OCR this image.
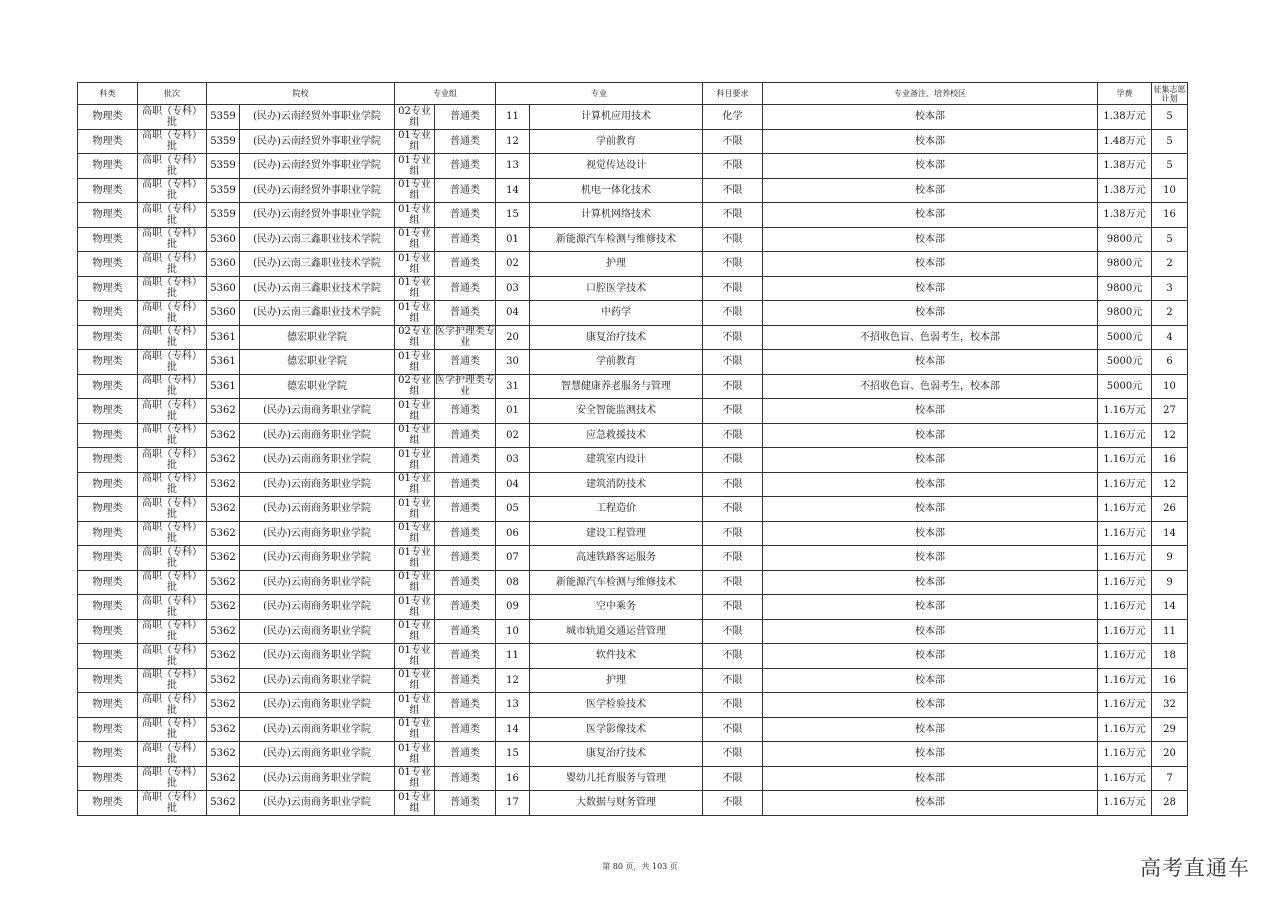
科类	批次	院校		专业组		专业		科目要求	专业备注、培养校区	学费	征集志愿计划
物理类	高职（专科）批	5359	(民办)云南经贸外事职业学院	02专业组	普通类	11	计算机应用技术	化学	校本部	1.38万元	5
物理类	高职（专科）批	5359	(民办)云南经贸外事职业学院	01专业组	普通类	12	学前教育	不限	校本部	1.48万元	5
物理类	高职（专科）批	5359	(民办)云南经贸外事职业学院	01专业组	普通类	13	视觉传达设计	不限	校本部	1.38万元	5
物理类	高职（专科）批	5359	(民办)云南经贸外事职业学院	01专业组	普通类	14	机电一体化技术	不限	校本部	1.38万元	10
物理类	高职（专科）批	5359	(民办)云南经贸外事职业学院	01专业组	普通类	15	计算机网络技术	不限	校本部	1.38万元	16
物理类	高职（专科）批	5360	(民办)云南三鑫职业技术学院	01专业组	普通类	01	新能源汽车检测与维修技术	不限	校本部	9800元	5
物理类	高职（专科）批	5360	(民办)云南三鑫职业技术学院	01专业组	普通类	02	护理	不限	校本部	9800元	2
物理类	高职（专科）批	5360	(民办)云南三鑫职业技术学院	01专业组	普通类	03	口腔医学技术	不限	校本部	9800元	3
物理类	高职（专科）批	5360	(民办)云南三鑫职业技术学院	01专业组	普通类	04	中药学	不限	校本部	9800元	2
物理类	高职（专科）批	5361	德宏职业学院	02专业组	医学护理类专业	20	康复治疗技术	不限	不招收色盲、色弱考生，校本部	5000元	4
物理类	高职（专科）批	5361	德宏职业学院	01专业组	普通类	30	学前教育	不限	校本部	5000元	6
物理类	高职（专科）批	5361	德宏职业学院	02专业组	医学护理类专业	31	智慧健康养老服务与管理	不限	不招收色盲、色弱考生，校本部	5000元	10
物理类	高职（专科）批	5362	(民办)云南商务职业学院	01专业组	普通类	01	安全智能监测技术	不限	校本部	1.16万元	27
物理类	高职（专科）批	5362	(民办)云南商务职业学院	01专业组	普通类	02	应急救援技术	不限	校本部	1.16万元	12
物理类	高职（专科）批	5362	(民办)云南商务职业学院	01专业组	普通类	03	建筑室内设计	不限	校本部	1.16万元	16
物理类	高职（专科）批	5362	(民办)云南商务职业学院	01专业组	普通类	04	建筑消防技术	不限	校本部	1.16万元	12
物理类	高职（专科）批	5362	(民办)云南商务职业学院	01专业组	普通类	05	工程造价	不限	校本部	1.16万元	26
物理类	高职（专科）批	5362	(民办)云南商务职业学院	01专业组	普通类	06	建设工程管理	不限	校本部	1.16万元	14
物理类	高职（专科）批	5362	(民办)云南商务职业学院	01专业组	普通类	07	高速铁路客运服务	不限	校本部	1.16万元	9
物理类	高职（专科）批	5362	(民办)云南商务职业学院	01专业组	普通类	08	新能源汽车检测与维修技术	不限	校本部	1.16万元	9
物理类	高职（专科）批	5362	(民办)云南商务职业学院	01专业组	普通类	09	空中乘务	不限	校本部	1.16万元	14
物理类	高职（专科）批	5362	(民办)云南商务职业学院	01专业组	普通类	10	城市轨道交通运营管理	不限	校本部	1.16万元	11
物理类	高职（专科）批	5362	(民办)云南商务职业学院	01专业组	普通类	11	软件技术	不限	校本部	1.16万元	18
物理类	高职（专科）批	5362	(民办)云南商务职业学院	01专业组	普通类	12	护理	不限	校本部	1.16万元	16
物理类	高职（专科）批	5362	(民办)云南商务职业学院	01专业组	普通类	13	医学检验技术	不限	校本部	1.16万元	32
物理类	高职（专科）批	5362	(民办)云南商务职业学院	01专业组	普通类	14	医学影像技术	不限	校本部	1.16万元	29
物理类	高职（专科）批	5362	(民办)云南商务职业学院	01专业组	普通类	15	康复治疗技术	不限	校本部	1.16万元	20
物理类	高职（专科）批	5362	(民办)云南商务职业学院	01专业组	普通类	16	婴幼儿托育服务与管理	不限	校本部	1.16万元	7
物理类	高职（专科）批	5362	(民办)云南商务职业学院	01专业组	普通类	17	大数据与财务管理	不限	校本部	1.16万元	28
第 80 页，共 103 页	高考直通车
